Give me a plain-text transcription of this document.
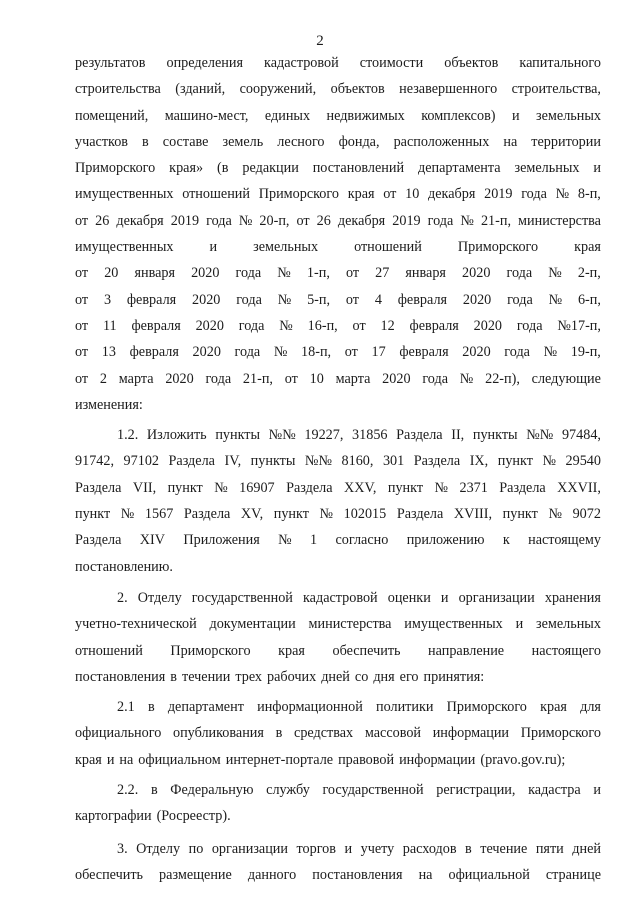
2
результатов определения кадастровой стоимости объектов капитального
строительства (зданий, сооружений, объектов незавершенного строительства,
помещений, машино-мест, единых недвижимых комплексов) и земельных
участков в составе земель лесного фонда, расположенных на территории
Приморского края» (в редакции постановлений департамента земельных и
имущественных отношений Приморского края от 10 декабря 2019 года № 8-п,
от 26 декабря 2019 года № 20-п, от 26 декабря 2019 года № 21-п, министерства
имущественных	и	земельных	отношений	Приморского	края
от 20 января 2020 года № 1-п, от 27 января 2020 года № 2-п,
от 3 февраля 2020 года № 5-п, от 4 февраля 2020 года № 6-п,
от 11 февраля 2020 года № 16-п, от 12 февраля 2020 года №17-п,
от 13 февраля 2020 года № 18-п, от 17 февраля 2020 года № 19-п,
от 2 марта 2020 года 21-п, от 10 марта 2020 года № 22-п), следующие
изменения:
1.2. Изложить пункты №№ 19227, 31856 Раздела II, пункты №№ 97484,
91742, 97102 Раздела IV, пункты №№ 8160, 301 Раздела IX, пункт № 29540
Раздела VII, пункт № 16907 Раздела XXV, пункт № 2371 Раздела XXVII,
пункт № 1567 Раздела XV, пункт № 102015 Раздела XVIII, пункт № 9072
Раздела XIV Приложения № 1 согласно приложению к настоящему
постановлению.
2. Отделу государственной кадастровой оценки и организации хранения
учетно-технической документации министерства имущественных и земельных
отношений Приморского края обеспечить направление настоящего
постановления в течении трех рабочих дней со дня его принятия:
2.1 в департамент информационной политики Приморского края для
официального опубликования в средствах массовой информации Приморского
края и на официальном интернет-портале правовой информации (pravo.gov.ru);
2.2. в Федеральную службу государственной регистрации, кадастра и
картографии (Росреестр).
3. Отделу по организации торгов и учету расходов в течение пяти дней
обеспечить размещение данного постановления на официальной странице
